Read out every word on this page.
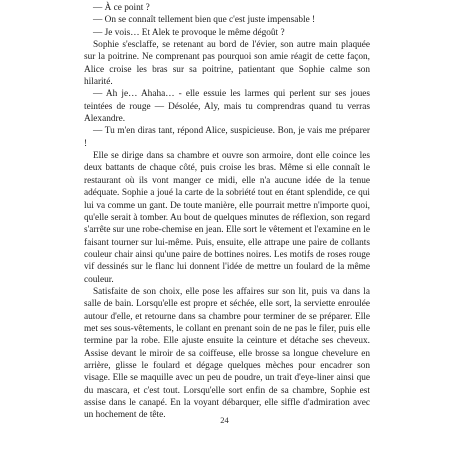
— À ce point ?

— On se connaît tellement bien que c'est juste impensable !

— Je vois… Et Alek te provoque le même dégoût ?

Sophie s'esclaffe, se retenant au bord de l'évier, son autre main plaquée sur la poitrine. Ne comprenant pas pourquoi son amie réagit de cette façon, Alice croise les bras sur sa poitrine, patientant que Sophie calme son hilarité.

— Ah je… Ahaha… - elle essuie les larmes qui perlent sur ses joues teintées de rouge — Désolée, Aly, mais tu comprendras quand tu verras Alexandre.

— Tu m'en diras tant, répond Alice, suspicieuse. Bon, je vais me préparer !

Elle se dirige dans sa chambre et ouvre son armoire, dont elle coince les deux battants de chaque côté, puis croise les bras. Même si elle connaît le restaurant où ils vont manger ce midi, elle n'a aucune idée de la tenue adéquate. Sophie a joué la carte de la sobriété tout en étant splendide, ce qui lui va comme un gant. De toute manière, elle pourrait mettre n'importe quoi, qu'elle serait à tomber. Au bout de quelques minutes de réflexion, son regard s'arrête sur une robe-chemise en jean. Elle sort le vêtement et l'examine en le faisant tourner sur lui-même. Puis, ensuite, elle attrape une paire de collants couleur chair ainsi qu'une paire de bottines noires. Les motifs de roses rouge vif dessinés sur le flanc lui donnent l'idée de mettre un foulard de la même couleur.

Satisfaite de son choix, elle pose les affaires sur son lit, puis va dans la salle de bain. Lorsqu'elle est propre et séchée, elle sort, la serviette enroulée autour d'elle, et retourne dans sa chambre pour terminer de se préparer. Elle met ses sous-vêtements, le collant en prenant soin de ne pas le filer, puis elle termine par la robe. Elle ajuste ensuite la ceinture et détache ses cheveux. Assise devant le miroir de sa coiffeuse, elle brosse sa longue chevelure en arrière, glisse le foulard et dégage quelques mèches pour encadrer son visage. Elle se maquille avec un peu de poudre, un trait d'eye-liner ainsi que du mascara, et c'est tout. Lorsqu'elle sort enfin de sa chambre, Sophie est assise dans le canapé. En la voyant débarquer, elle siffle d'admiration avec un hochement de tête.	24
